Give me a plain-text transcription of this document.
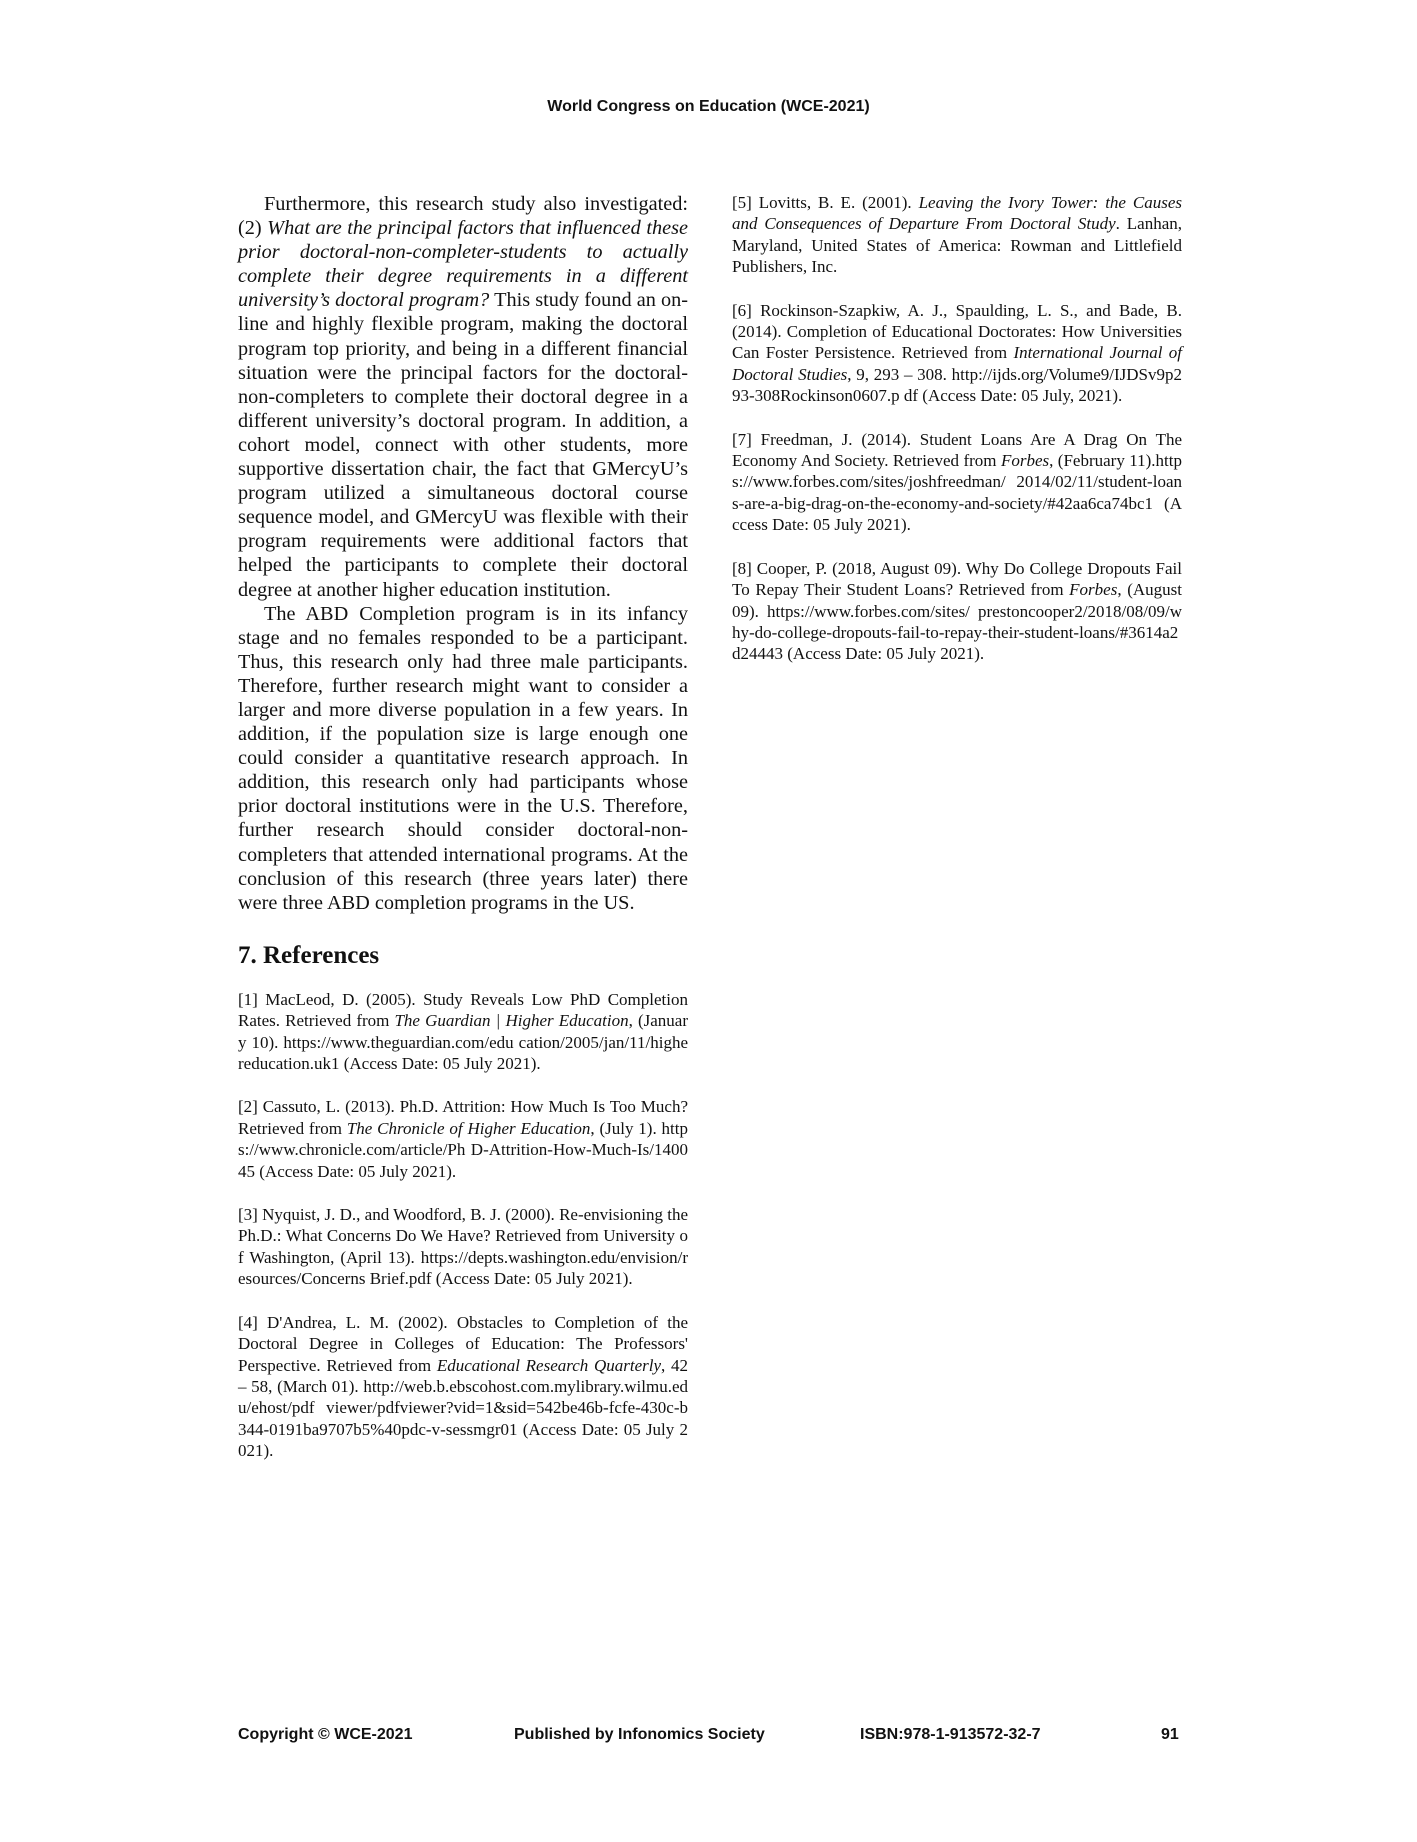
World Congress on Education (WCE-2021)

Furthermore, this research study also investigated: (2) What are the principal factors that influenced these prior doctoral-non-completer-students to actually complete their degree requirements in a different university’s doctoral program? This study found an on-line and highly flexible program, making the doctoral program top priority, and being in a different financial situation were the principal factors for the doctoral-non-completers to complete their doctoral degree in a different university’s doctoral program. In addition, a cohort model, connect with other students, more supportive dissertation chair, the fact that GMercyU’s program utilized a simultaneous doctoral course sequence model, and GMercyU was flexible with their program requirements were additional factors that helped the participants to complete their doctoral degree at another higher education institution.

The ABD Completion program is in its infancy stage and no females responded to be a participant. Thus, this research only had three male participants. Therefore, further research might want to consider a larger and more diverse population in a few years. In addition, if the population size is large enough one could consider a quantitative research approach. In addition, this research only had participants whose prior doctoral institutions were in the U.S. Therefore, further research should consider doctoral-non-completers that attended international programs. At the conclusion of this research (three years later) there were three ABD completion programs in the US.

7. References

[1] MacLeod, D. (2005). Study Reveals Low PhD Completion Rates. Retrieved from The Guardian | Higher Education, (January 10). https://www.theguardian.com/edu cation/2005/jan/11/highereducation.uk1 (Access Date: 05 July 2021).

[2] Cassuto, L. (2013). Ph.D. Attrition: How Much Is Too Much? Retrieved from The Chronicle of Higher Education, (July 1). https://www.chronicle.com/article/Ph D-Attrition-How-Much-Is/140045 (Access Date: 05 July 2021).

[3] Nyquist, J. D., and Woodford, B. J. (2000). Re-envisioning the Ph.D.: What Concerns Do We Have? Retrieved from University of Washington, (April 13). https://depts.washington.edu/envision/resources/Concerns Brief.pdf (Access Date: 05 July 2021).

[4] D'Andrea, L. M. (2002). Obstacles to Completion of the Doctoral Degree in Colleges of Education: The Professors' Perspective. Retrieved from Educational Research Quarterly, 42 – 58, (March 01). http://web.b.ebscohost.com.mylibrary.wilmu.edu/ehost/pdf viewer/pdfviewer?vid=1&sid=542be46b-fcfe-430c-b344-0191ba9707b5%40pdc-v-sessmgr01 (Access Date: 05 July 2021).

[5] Lovitts, B. E. (2001). Leaving the Ivory Tower: the Causes and Consequences of Departure From Doctoral Study. Lanhan, Maryland, United States of America: Rowman and Littlefield Publishers, Inc.

[6] Rockinson-Szapkiw, A. J., Spaulding, L. S., and Bade, B. (2014). Completion of Educational Doctorates: How Universities Can Foster Persistence. Retrieved from International Journal of Doctoral Studies, 9, 293 – 308. http://ijds.org/Volume9/IJDSv9p293-308Rockinson0607.p df (Access Date: 05 July, 2021).

[7] Freedman, J. (2014). Student Loans Are A Drag On The Economy And Society. Retrieved from Forbes, (February 11).https://www.forbes.com/sites/joshfreedman/ 2014/02/11/student-loans-are-a-big-drag-on-the-economy-and-society/#42aa6ca74bc1 (Access Date: 05 July 2021).

[8] Cooper, P. (2018, August 09). Why Do College Dropouts Fail To Repay Their Student Loans? Retrieved from Forbes, (August 09). https://www.forbes.com/sites/ prestoncooper2/2018/08/09/why-do-college-dropouts-fail-to-repay-their-student-loans/#3614a2d24443 (Access Date: 05 July 2021).

Copyright © WCE-2021	Published by Infonomics Society	ISBN:978-1-913572-32-7	91
